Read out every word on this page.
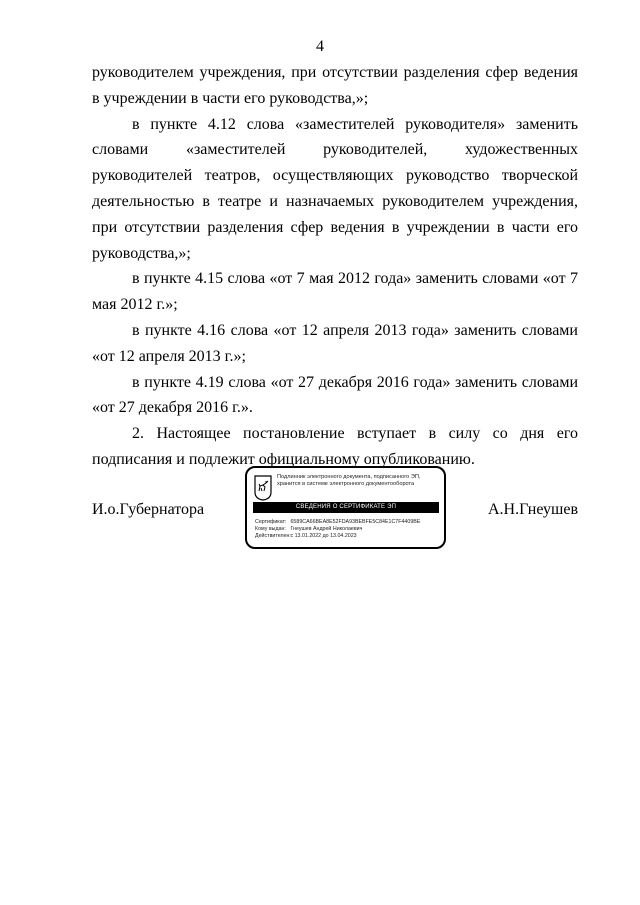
4

руководителем учреждения, при отсутствии разделения сфер ведения в учреждении в части его руководства,»;

в пункте 4.12 слова «заместителей руководителя» заменить словами «заместителей руководителей, художественных руководителей театров, осуществляющих руководство творческой деятельностью в театре и назначаемых руководителем учреждения, при отсутствии разделения сфер ведения в учреждении в части его руководства,»;

в пункте 4.15 слова «от 7 мая 2012 года» заменить словами «от 7 мая 2012 г.»;

в пункте 4.16 слова «от 12 апреля 2013 года» заменить словами «от 12 апреля 2013 г.»;

в пункте 4.19 слова «от 27 декабря 2016 года» заменить словами «от 27 декабря 2016 г.».

2. Настоящее постановление вступает в силу со дня его подписания и подлежит официальному опубликованию.

И.о.Губернатора
Подлинник электронного документа, подписанного ЭП,
хранится в системе электронного документооборота
СВЕДЕНИЯ О СЕРТИФИКАТЕ ЭП
Сертификат: 6589CA66BEA8E52FDA93BEBFE5C84E1C7F4409BE
Кому выдан: Гнеушев Андрей Николаевич
Действителен: с 13.01.2022 до 13.04.2023
А.Н.Гнеушев
